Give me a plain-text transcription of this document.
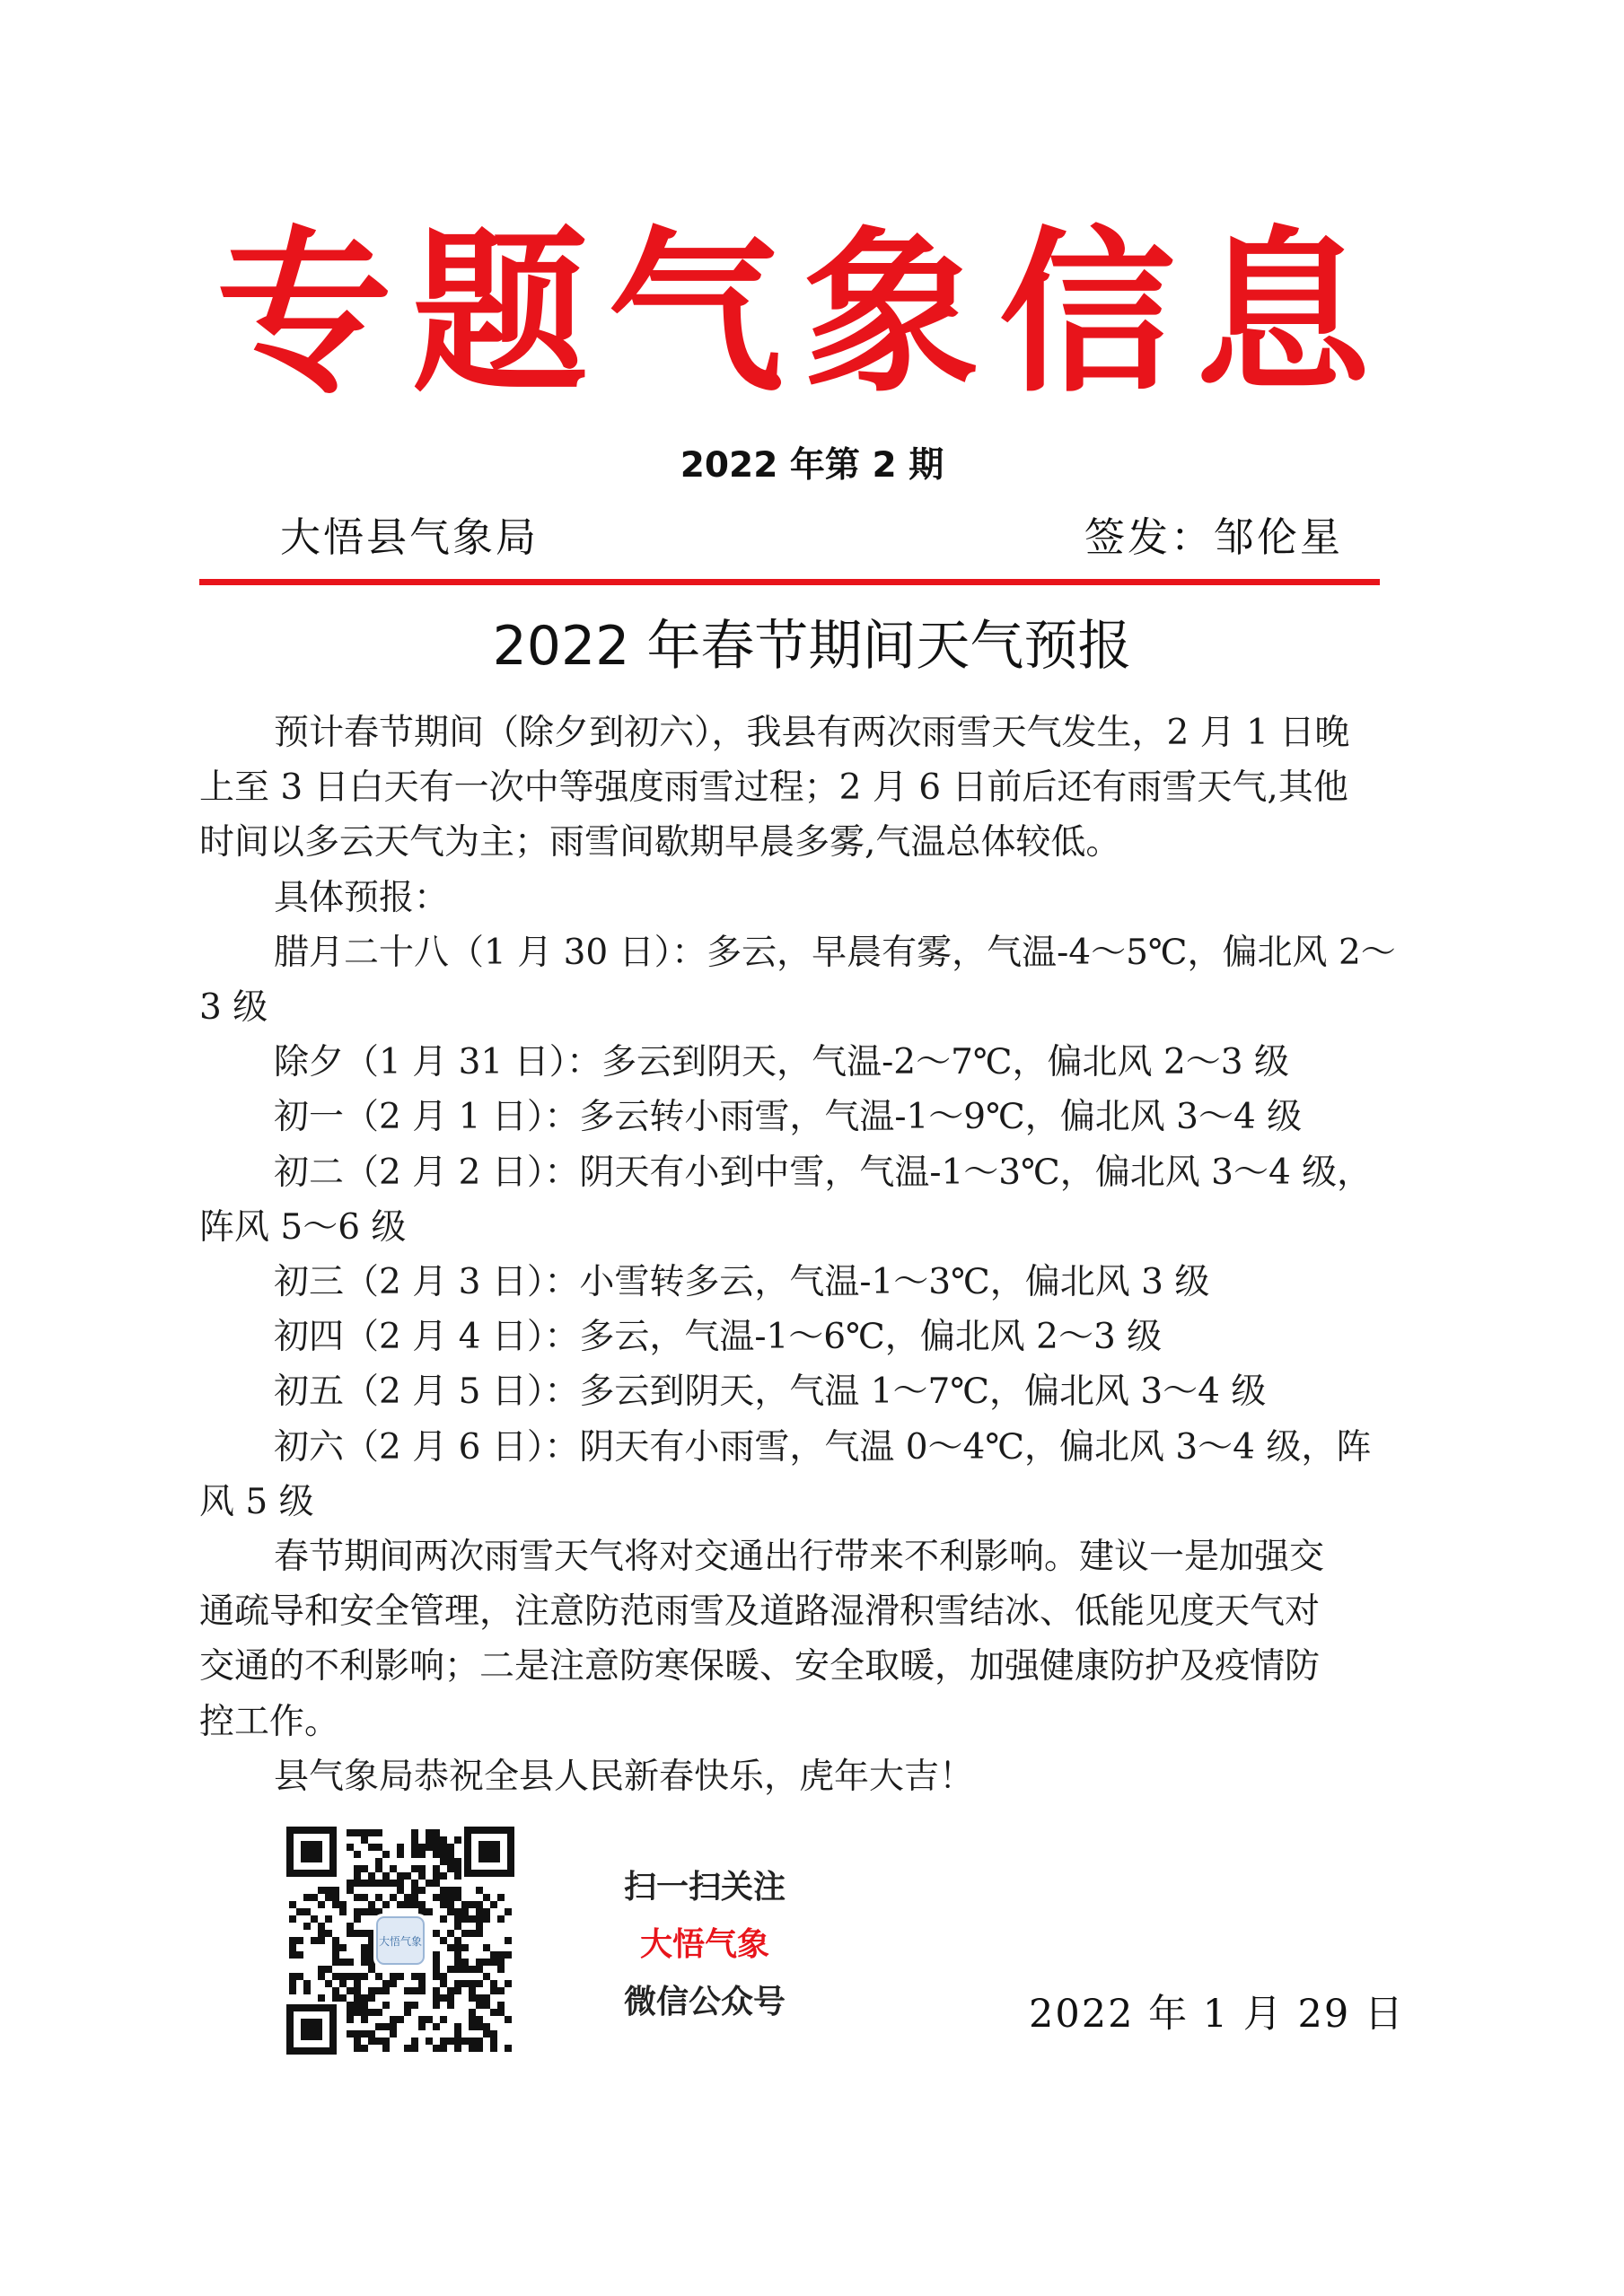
专题气象信息
2022 年第 2 期
大悟县气象局	签发：邹伦星
2022 年春节期间天气预报

预计春节期间（除夕到初六），我县有两次雨雪天气发生，2 月 1 日晚

上至 3 日白天有一次中等强度雨雪过程；2 月 6 日前后还有雨雪天气,其他

时间以多云天气为主；雨雪间歇期早晨多雾,气温总体较低。

具体预报：

腊月二十八（1 月 30 日）：多云，早晨有雾，气温-4～5℃，偏北风 2～

3 级

除夕（1 月 31 日）：多云到阴天，气温-2～7℃，偏北风 2～3 级

初一（2 月 1 日）：多云转小雨雪，气温-1～9℃，偏北风 3～4 级

初二（2 月 2 日）：阴天有小到中雪，气温-1～3℃，偏北风 3～4 级，

阵风 5～6 级

初三（2 月 3 日）：小雪转多云，气温-1～3℃，偏北风 3 级

初四（2 月 4 日）：多云，气温-1～6℃，偏北风 2～3 级

初五（2 月 5 日）：多云到阴天，气温 1～7℃，偏北风 3～4 级

初六（2 月 6 日）：阴天有小雨雪，气温 0～4℃，偏北风 3～4 级，阵

风 5 级

春节期间两次雨雪天气将对交通出行带来不利影响。建议一是加强交

通疏导和安全管理，注意防范雨雪及道路湿滑积雪结冰、低能见度天气对

交通的不利影响；二是注意防寒保暖、安全取暖，加强健康防护及疫情防

控工作。

县气象局恭祝全县人民新春快乐，虎年大吉！

大悟气象
扫一扫关注
大悟气象
微信公众号	2022 年 1 月 29 日
